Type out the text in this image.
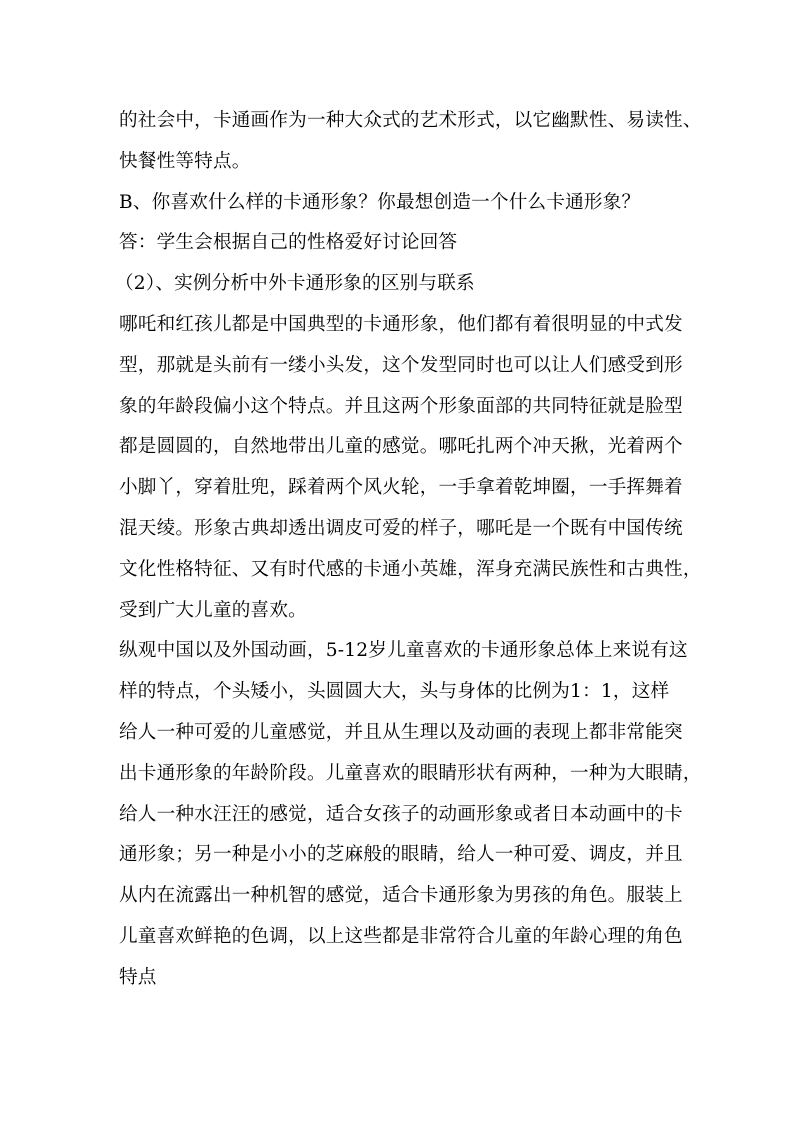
的社会中，卡通画作为一种大众式的艺术形式，以它幽默性、易读性、
快餐性等特点。
B、你喜欢什么样的卡通形象？你最想创造一个什么卡通形象？
答：学生会根据自己的性格爱好讨论回答
（2）、实例分析中外卡通形象的区别与联系
哪吒和红孩儿都是中国典型的卡通形象，他们都有着很明显的中式发
型，那就是头前有一缕小头发，这个发型同时也可以让人们感受到形
象的年龄段偏小这个特点。并且这两个形象面部的共同特征就是脸型
都是圆圆的，自然地带出儿童的感觉。哪吒扎两个冲天揪，光着两个
小脚丫，穿着肚兜，踩着两个风火轮，一手拿着乾坤圈，一手挥舞着
混天绫。形象古典却透出调皮可爱的样子，哪吒是一个既有中国传统
文化性格特征、又有时代感的卡通小英雄，浑身充满民族性和古典性，
受到广大儿童的喜欢。
纵观中国以及外国动画，5-12岁儿童喜欢的卡通形象总体上来说有这
样的特点，个头矮小，头圆圆大大，头与身体的比例为1：1，这样
给人一种可爱的儿童感觉，并且从生理以及动画的表现上都非常能突
出卡通形象的年龄阶段。儿童喜欢的眼睛形状有两种，一种为大眼睛，
给人一种水汪汪的感觉，适合女孩子的动画形象或者日本动画中的卡
通形象；另一种是小小的芝麻般的眼睛，给人一种可爱、调皮，并且
从内在流露出一种机智的感觉，适合卡通形象为男孩的角色。服装上
儿童喜欢鲜艳的色调，以上这些都是非常符合儿童的年龄心理的角色
特点
